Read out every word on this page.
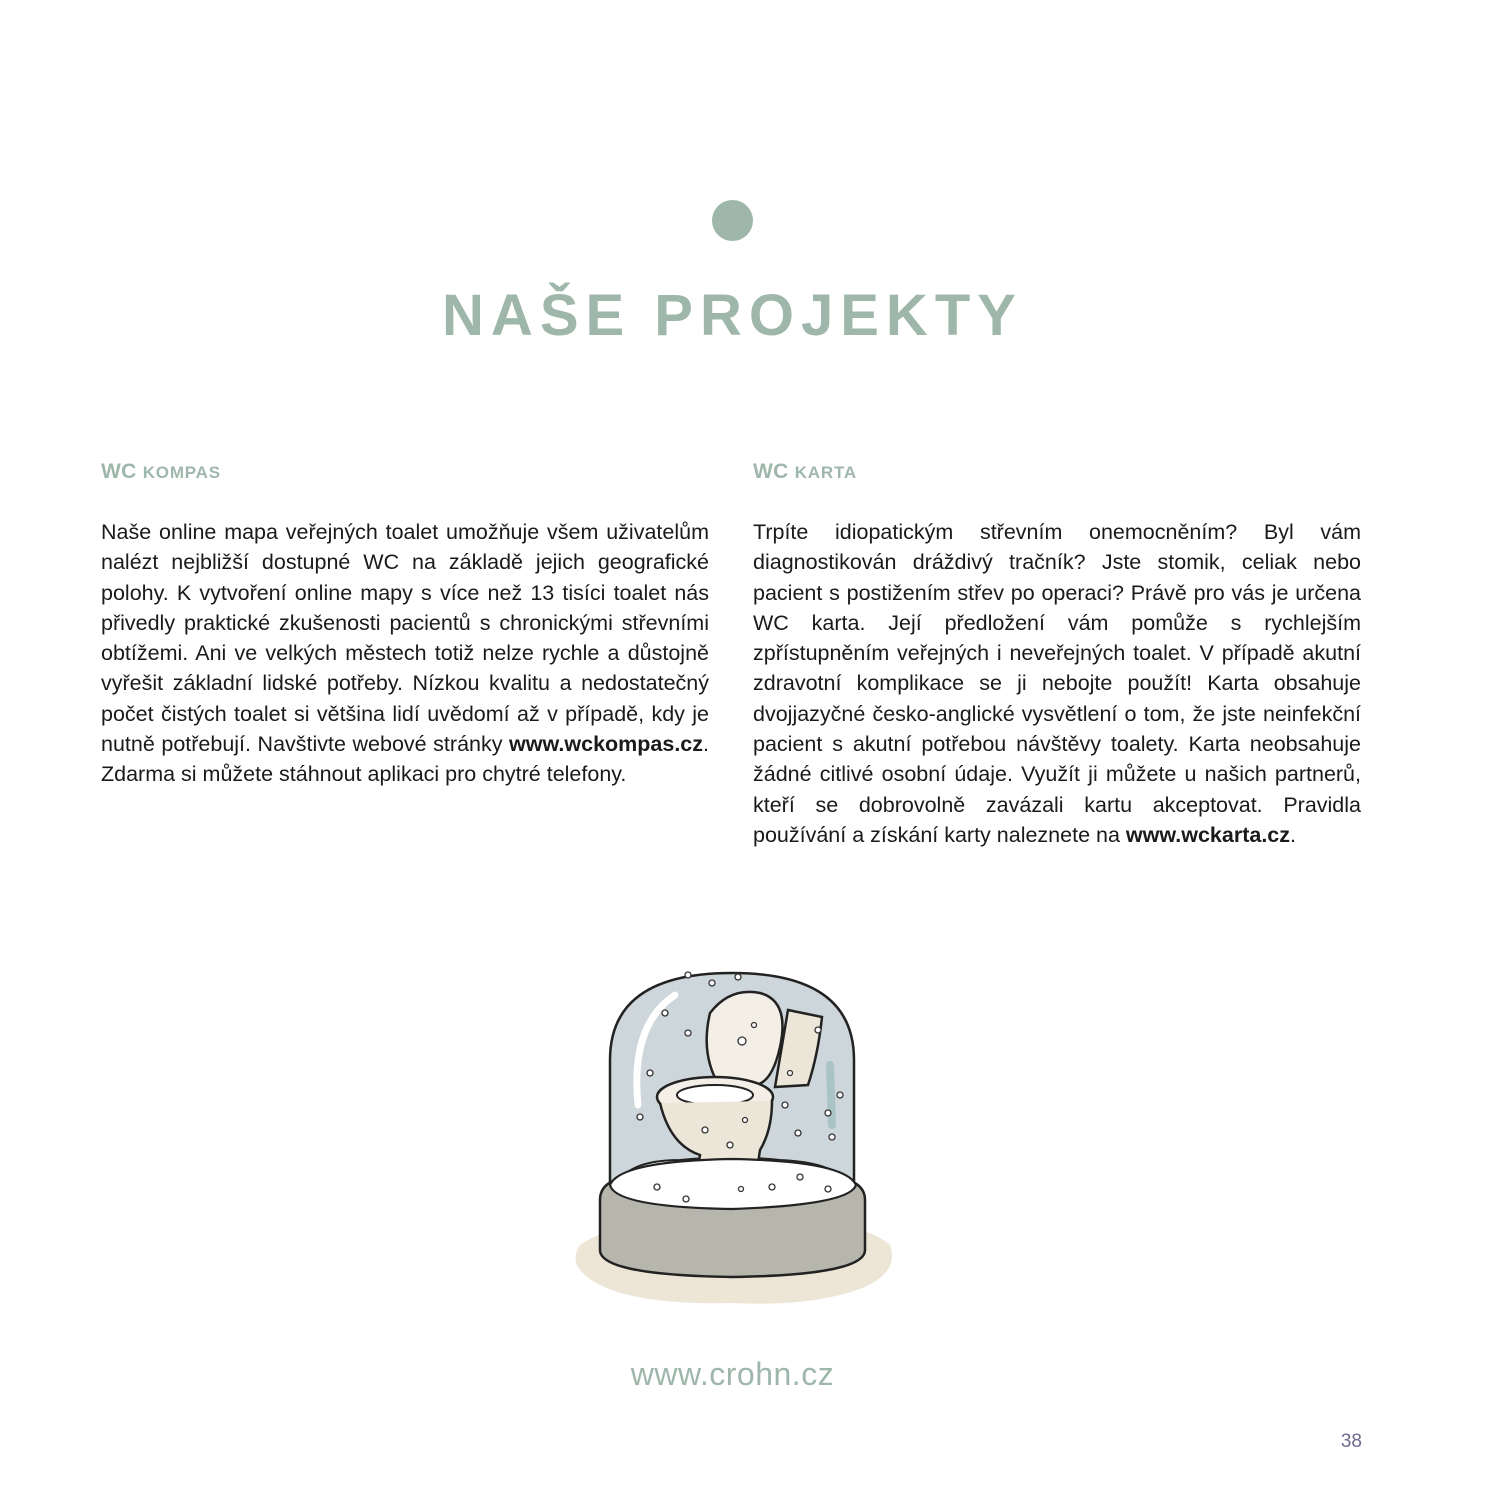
NAŠE PROJEKTY
WC KOMPAS

Naše online mapa veřejných toalet umožňuje všem uživatelům nalézt nejbližší dostupné WC na základě jejich geografické polohy. K vytvoření online mapy s více než 13 tisíci toalet nás přivedly praktické zkušenosti pacientů s chronickými střevními obtížemi. Ani ve velkých městech totiž nelze rychle a důstojně vyřešit základní lidské potřeby. Nízkou kvalitu a nedostatečný počet čistých toalet si většina lidí uvědomí až v případě, kdy je nutně potřebují. Navštivte webové stránky www.wckompas.cz. Zdarma si můžete stáhnout aplikaci pro chytré telefony.

WC KARTA

Trpíte idiopatickým střevním onemocněním? Byl vám diagnostikován dráždivý tračník? Jste stomik, celiak nebo pacient s postižením střev po operaci? Právě pro vás je určena WC karta. Její předložení vám pomůže s rychlejším zpřístupněním veřejných i neveřejných toalet. V případě akutní zdravotní komplikace se ji nebojte použít! Karta obsahuje dvojjazyčné česko-anglické vysvětlení o tom, že jste neinfekční pacient s akutní potřebou návštěvy toalety. Karta neobsahuje žádné citlivé osobní údaje. Využít ji můžete u našich partnerů, kteří se dobrovolně zavázali kartu akceptovat. Pravidla používání a získání karty naleznete na www.wckarta.cz.

www.crohn.cz
38
